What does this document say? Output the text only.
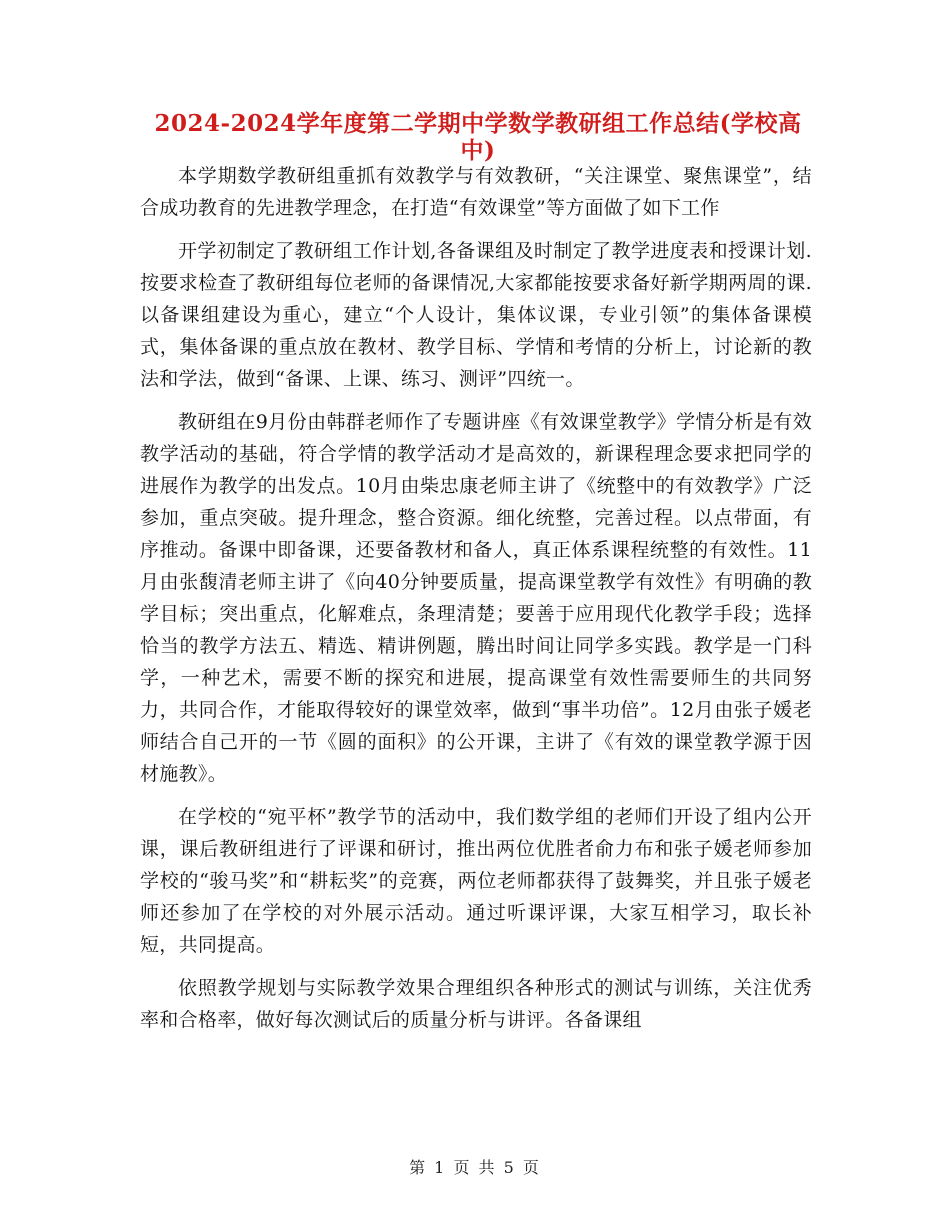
2024-2024学年度第二学期中学数学教研组工作总结(学校高中)

本学期数学教研组重抓有效教学与有效教研，“关注课堂、聚焦课堂”，结合成功教育的先进教学理念，在打造“有效课堂”等方面做了如下工作

开学初制定了教研组工作计划,各备课组及时制定了教学进度表和授课计划.按要求检查了教研组每位老师的备课情况,大家都能按要求备好新学期两周的课.以备课组建设为重心，建立“个人设计，集体议课，专业引领”的集体备课模式，集体备课的重点放在教材、教学目标、学情和考情的分析上，讨论新的教法和学法，做到“备课、上课、练习、测评”四统一。

教研组在9月份由韩群老师作了专题讲座《有效课堂教学》学情分析是有效教学活动的基础，符合学情的教学活动才是高效的，新课程理念要求把同学的进展作为教学的出发点。10月由柴忠康老师主讲了《统整中的有效教学》广泛参加，重点突破。提升理念，整合资源。细化统整，完善过程。以点带面，有序推动。备课中即备课，还要备教材和备人，真正体系课程统整的有效性。11月由张馥清老师主讲了《向40分钟要质量，提高课堂教学有效性》有明确的教学目标；突出重点，化解难点，条理清楚；要善于应用现代化教学手段；选择恰当的教学方法五、精选、精讲例题，腾出时间让同学多实践。教学是一门科学，一种艺术，需要不断的探究和进展，提高课堂有效性需要师生的共同努力，共同合作，才能取得较好的课堂效率，做到“事半功倍”。12月由张子媛老师结合自己开的一节《圆的面积》的公开课，主讲了《有效的课堂教学源于因材施教》。

在学校的“宛平杯”教学节的活动中，我们数学组的老师们开设了组内公开课，课后教研组进行了评课和研讨，推出两位优胜者俞力布和张子媛老师参加学校的“骏马奖”和“耕耘奖”的竞赛，两位老师都获得了鼓舞奖，并且张子媛老师还参加了在学校的对外展示活动。通过听课评课，大家互相学习，取长补短，共同提高。

依照教学规划与实际教学效果合理组织各种形式的测试与训练，关注优秀率和合格率，做好每次测试后的质量分析与讲评。各备课组

第 1 页 共 5 页
